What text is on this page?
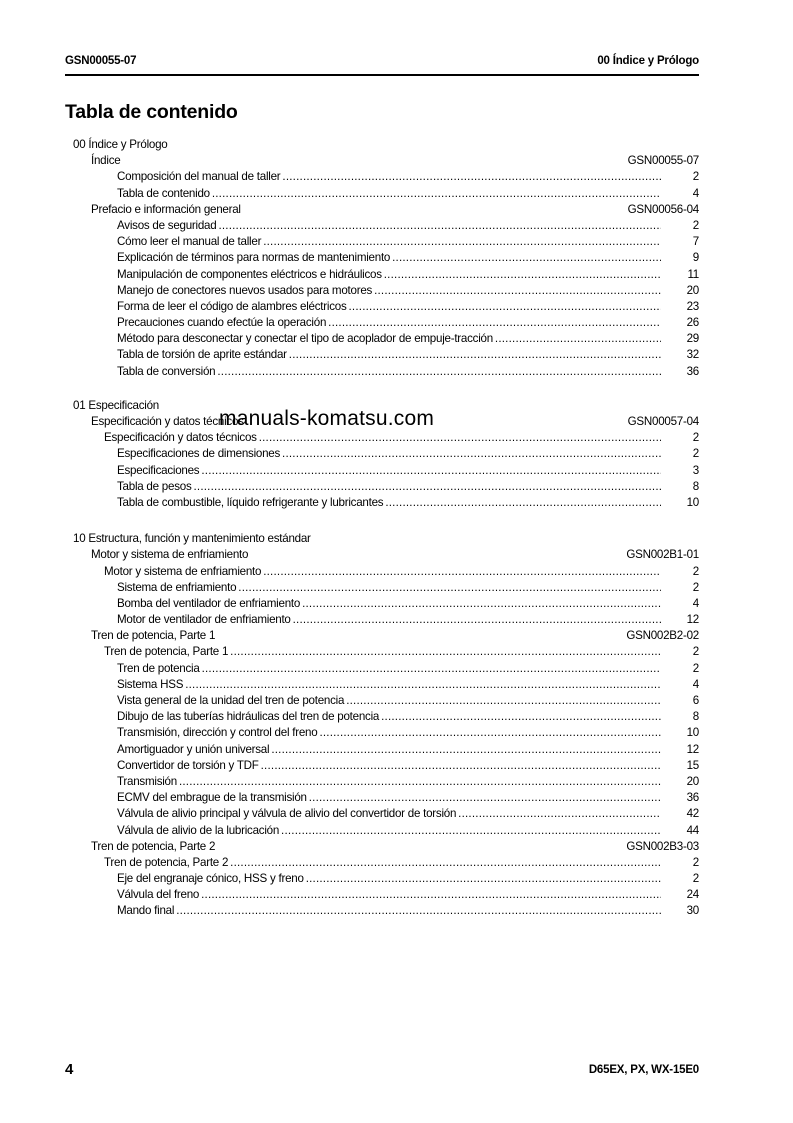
GSN00055-07	00 Índice y Prólogo
Tabla de contenido
00 Índice y Prólogo
Índice	GSN00055-07
Composición del manual de taller .....	2
Tabla de contenido .....	4
Prefacio e información general	GSN00056-04
Avisos de seguridad .....	2
Cómo leer el manual de taller .....	7
Explicación de términos para normas de mantenimiento .....	9
Manipulación de componentes eléctricos e hidráulicos .....	11
Manejo de conectores nuevos usados para motores .....	20
Forma de leer el código de alambres eléctricos .....	23
Precauciones cuando efectúe la operación .....	26
Método para desconectar y conectar el tipo de acoplador de empuje-tracción .....	29
Tabla de torsión de aprite estándar .....	32
Tabla de conversión .....	36
01 Especificación
Especificación y datos técnicos	GSN00057-04
Especificación y datos técnicos .....	2
Especificaciones de dimensiones .....	2
Especificaciones .....	3
Tabla de pesos .....	8
Tabla de combustible, líquido refrigerante y lubricantes .....	10
10 Estructura, función y mantenimiento estándar
Motor y sistema de enfriamiento	GSN002B1-01
Motor y sistema de enfriamiento .....	2
Sistema de enfriamiento .....	2
Bomba del ventilador de enfriamiento .....	4
Motor de ventilador de enfriamiento .....	12
Tren de potencia, Parte 1	GSN002B2-02
Tren de potencia, Parte 1 .....	2
Tren de potencia .....	2
Sistema HSS .....	4
Vista general de la unidad del tren de potencia .....	6
Dibujo de las tuberías hidráulicas del tren de potencia .....	8
Transmisión, dirección y control del freno .....	10
Amortiguador y unión universal .....	12
Convertidor de torsión y TDF .....	15
Transmisión .....	20
ECMV del embrague de la transmisión .....	36
Válvula de alivio principal y válvula de alivio del convertidor de torsión .....	42
Válvula de alivio de la lubricación .....	44
Tren de potencia, Parte 2	GSN002B3-03
Tren de potencia, Parte 2 .....	2
Eje del engranaje cónico, HSS y freno .....	2
Válvula del freno .....	24
Mando final .....	30
manuals-komatsu.com
4	D65EX, PX, WX-15E0
